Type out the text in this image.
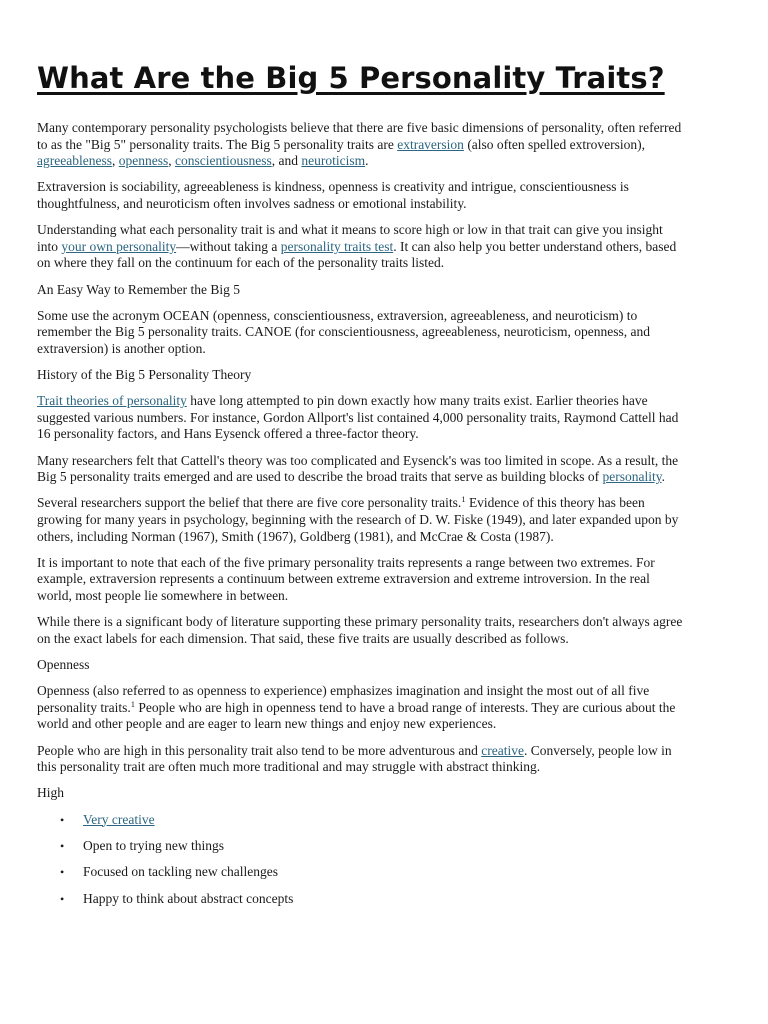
What Are the Big 5 Personality Traits?

Many contemporary personality psychologists believe that there are five basic dimensions of personality, often referred to as the "Big 5" personality traits. The Big 5 personality traits are extraversion (also often spelled extroversion), agreeableness, openness, conscientiousness, and neuroticism.

Extraversion is sociability, agreeableness is kindness, openness is creativity and intrigue, conscientiousness is thoughtfulness, and neuroticism often involves sadness or emotional instability.

Understanding what each personality trait is and what it means to score high or low in that trait can give you insight into your own personality—without taking a personality traits test. It can also help you better understand others, based on where they fall on the continuum for each of the personality traits listed.

An Easy Way to Remember the Big 5

Some use the acronym OCEAN (openness, conscientiousness, extraversion, agreeableness, and neuroticism) to remember the Big 5 personality traits. CANOE (for conscientiousness, agreeableness, neuroticism, openness, and extraversion) is another option.

History of the Big 5 Personality Theory

Trait theories of personality have long attempted to pin down exactly how many traits exist. Earlier theories have suggested various numbers. For instance, Gordon Allport's list contained 4,000 personality traits, Raymond Cattell had 16 personality factors, and Hans Eysenck offered a three-factor theory.

Many researchers felt that Cattell's theory was too complicated and Eysenck's was too limited in scope. As a result, the Big 5 personality traits emerged and are used to describe the broad traits that serve as building blocks of personality.

Several researchers support the belief that there are five core personality traits.$^1$ Evidence of this theory has been growing for many years in psychology, beginning with the research of D. W. Fiske (1949), and later expanded upon by others, including Norman (1967), Smith (1967), Goldberg (1981), and McCrae & Costa (1987).

It is important to note that each of the five primary personality traits represents a range between two extremes. For example, extraversion represents a continuum between extreme extraversion and extreme introversion. In the real world, most people lie somewhere in between.

While there is a significant body of literature supporting these primary personality traits, researchers don't always agree on the exact labels for each dimension. That said, these five traits are usually described as follows.

Openness

Openness (also referred to as openness to experience) emphasizes imagination and insight the most out of all five personality traits.$^1$ People who are high in openness tend to have a broad range of interests. They are curious about the world and other people and are eager to learn new things and enjoy new experiences.

People who are high in this personality trait also tend to be more adventurous and creative. Conversely, people low in this personality trait are often much more traditional and may struggle with abstract thinking.

High

• Very creative
• Open to trying new things
• Focused on tackling new challenges
• Happy to think about abstract concepts
